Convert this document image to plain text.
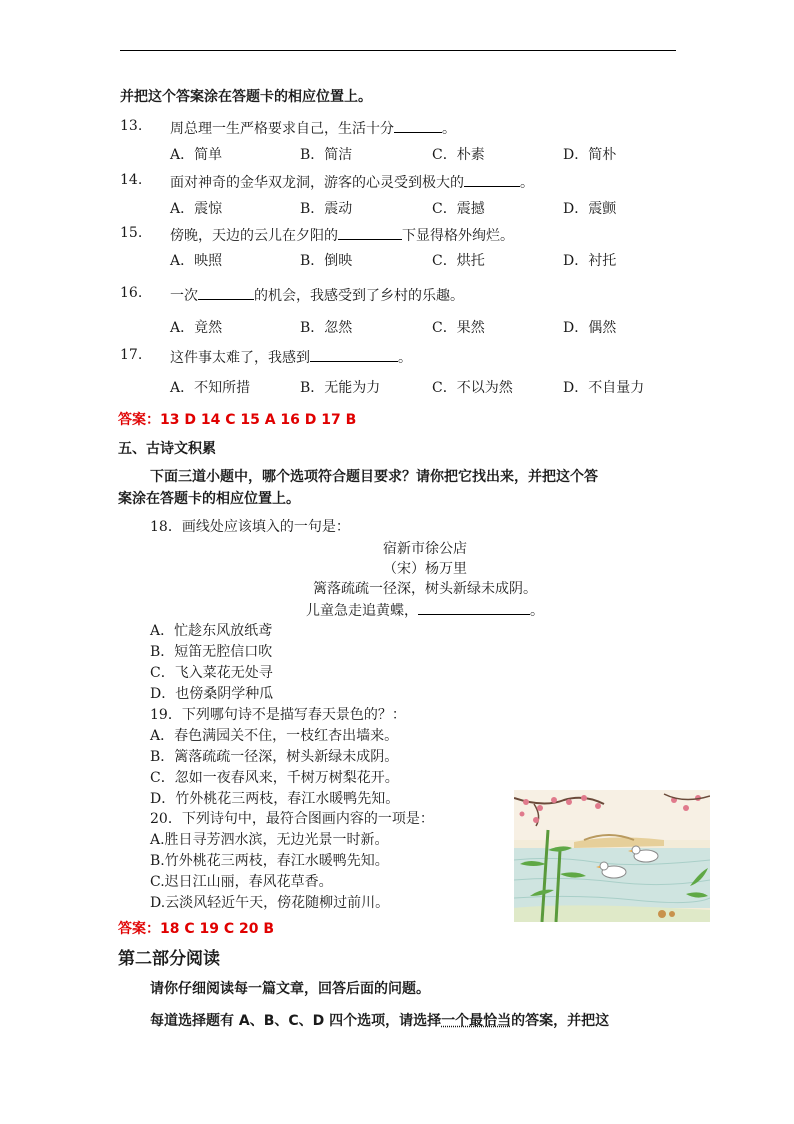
并把这个答案涂在答题卡的相应位置上。
13. 周总理一生严格要求自己，生活十分	。
A．简单	B．简洁	C．朴素	D．简朴
14. 面对神奇的金华双龙洞，游客的心灵受到极大的	。
A．震惊	B．震动	C．震撼	D．震颤
15. 傍晚，天边的云儿在夕阳的	下显得格外绚烂。
A．映照	B．倒映	C．烘托	D．衬托
16. 一次	的机会，我感受到了乡村的乐趣。
A．竟然	B．忽然	C．果然	D．偶然
17. 这件事太难了，我感到	。
A．不知所措	B．无能为力	C．不以为然	D．不自量力
答案：13 D 14 C 15 A 16 D 17 B
五、古诗文积累
下面三道小题中，哪个选项符合题目要求？请你把它找出来，并把这个答
案涂在答题卡的相应位置上。
18．画线处应该填入的一句是：
宿新市徐公店
（宋）杨万里
篱落疏疏一径深，树头新绿未成阴。
儿童急走追黄蝶，	。
A．忙趁东风放纸鸢
B．短笛无腔信口吹
C．飞入菜花无处寻
D．也傍桑阴学种瓜
19．下列哪句诗不是描写春天景色的？：
A．春色满园关不住，一枝红杏出墙来。
B．篱落疏疏一径深，树头新绿未成阴。
C．忽如一夜春风来，千树万树梨花开。
D．竹外桃花三两枝，春江水暖鸭先知。
20．下列诗句中，最符合图画内容的一项是：
A.胜日寻芳泗水滨，无边光景一时新。
B.竹外桃花三两枝，春江水暖鸭先知。
C.迟日江山丽，春风花草香。
D.云淡风轻近午天，傍花随柳过前川。
答案：18 C 19 C 20 B
第二部分阅读
请你仔细阅读每一篇文章，回答后面的问题。
每道选择题有 A、B、C、D 四个选项，请选择一个最恰当的答案，并把这
